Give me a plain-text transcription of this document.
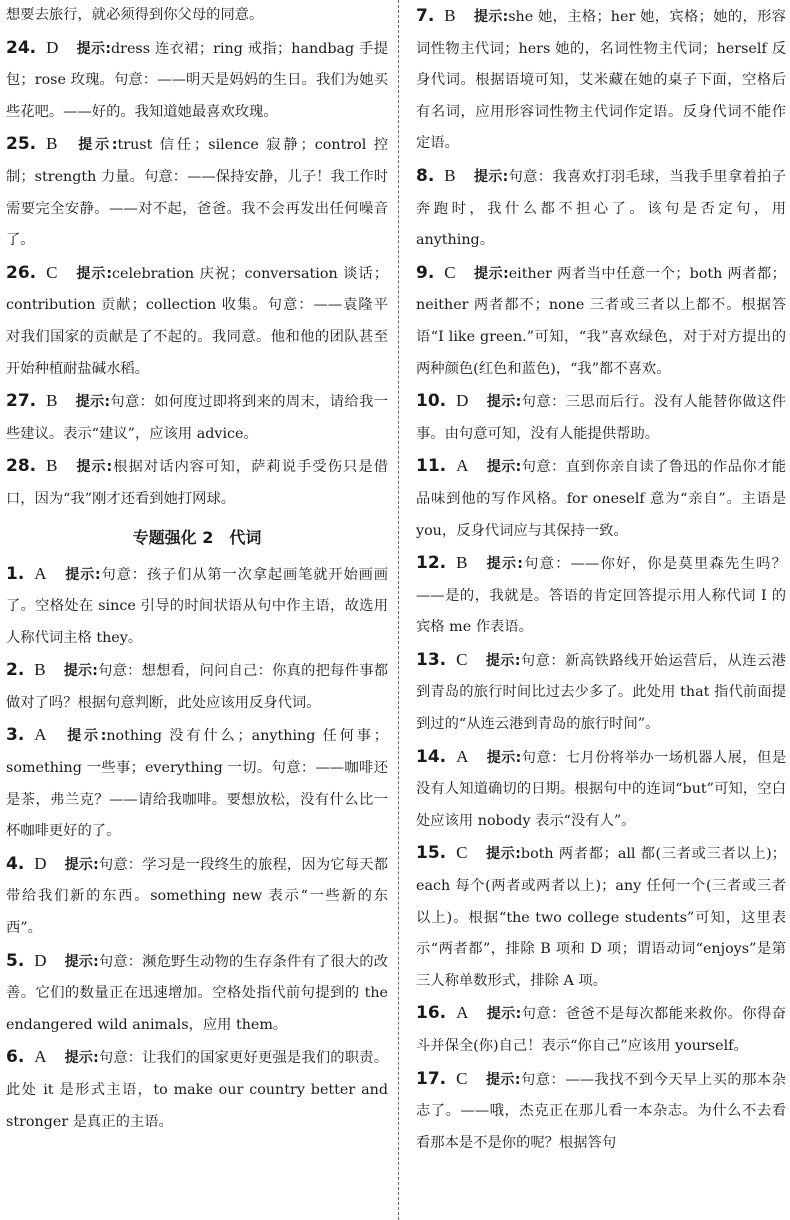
想要去旅行，就必须得到你父母的同意。
24. D 提示:dress 连衣裙；ring 戒指；handbag 手提包；rose 玫瑰。句意：——明天是妈妈的生日。我们为她买些花吧。——好的。我知道她最喜欢玫瑰。
25. B 提示:trust 信任；silence 寂静；control 控制；strength 力量。句意：——保持安静，儿子！我工作时需要完全安静。——对不起，爸爸。我不会再发出任何噪音了。
26. C 提示:celebration 庆祝；conversation 谈话；contribution 贡献；collection 收集。句意：——袁隆平对我们国家的贡献是了不起的。我同意。他和他的团队甚至开始种植耐盐碱水稻。
27. B 提示:句意：如何度过即将到来的周末，请给我一些建议。表示“建议”，应该用 advice。
28. B 提示:根据对话内容可知，萨莉说手受伤只是借口，因为“我”刚才还看到她打网球。
专题强化 2 代词
1. A 提示:句意：孩子们从第一次拿起画笔就开始画画了。空格处在 since 引导的时间状语从句中作主语，故选用人称代词主格 they。
2. B 提示:句意：想想看，问问自己：你真的把每件事都做对了吗？根据句意判断，此处应该用反身代词。
3. A 提示:nothing 没有什么；anything 任何事；something 一些事；everything 一切。句意：——咖啡还是茶，弗兰克？——请给我咖啡。要想放松，没有什么比一杯咖啡更好的了。
4. D 提示:句意：学习是一段终生的旅程，因为它每天都带给我们新的东西。something new 表示“一些新的东西”。
5. D 提示:句意：濒危野生动物的生存条件有了很大的改善。它们的数量正在迅速增加。空格处指代前句提到的 the endangered wild animals，应用 them。
6. A 提示:句意：让我们的国家更好更强是我们的职责。此处 it 是形式主语，to make our country better and stronger 是真正的主语。
7. B 提示:she 她，主格；her 她，宾格；她的，形容词性物主代词；hers 她的，名词性物主代词；herself 反身代词。根据语境可知，艾米藏在她的桌子下面，空格后有名词，应用形容词性物主代词作定语。反身代词不能作定语。
8. B 提示:句意：我喜欢打羽毛球，当我手里拿着拍子奔跑时，我什么都不担心了。该句是否定句，用 anything。
9. C 提示:either 两者当中任意一个；both 两者都；neither 两者都不；none 三者或三者以上都不。根据答语“I like green.”可知，“我”喜欢绿色，对于对方提出的两种颜色(红色和蓝色)，“我”都不喜欢。
10. D 提示:句意：三思而后行。没有人能替你做这件事。由句意可知，没有人能提供帮助。
11. A 提示:句意：直到你亲自读了鲁迅的作品你才能品味到他的写作风格。for oneself 意为“亲自”。主语是 you，反身代词应与其保持一致。
12. B 提示:句意：——你好，你是莫里森先生吗？——是的，我就是。答语的肯定回答提示用人称代词 I 的宾格 me 作表语。
13. C 提示:句意：新高铁路线开始运营后，从连云港到青岛的旅行时间比过去少多了。此处用 that 指代前面提到过的“从连云港到青岛的旅行时间”。
14. A 提示:句意：七月份将举办一场机器人展，但是没有人知道确切的日期。根据句中的连词“but”可知，空白处应该用 nobody 表示“没有人”。
15. C 提示:both 两者都；all 都(三者或三者以上)；each 每个(两者或两者以上)；any 任何一个(三者或三者以上)。根据“the two college students”可知，这里表示“两者都”，排除 B 项和 D 项；谓语动词“enjoys”是第三人称单数形式，排除 A 项。
16. A 提示:句意：爸爸不是每次都能来救你。你得奋斗并保全(你)自己！表示“你自己”应该用 yourself。
17. C 提示:句意：——我找不到今天早上买的那本杂志了。——哦，杰克正在那儿看一本杂志。为什么不去看看那本是不是你的呢？根据答句
